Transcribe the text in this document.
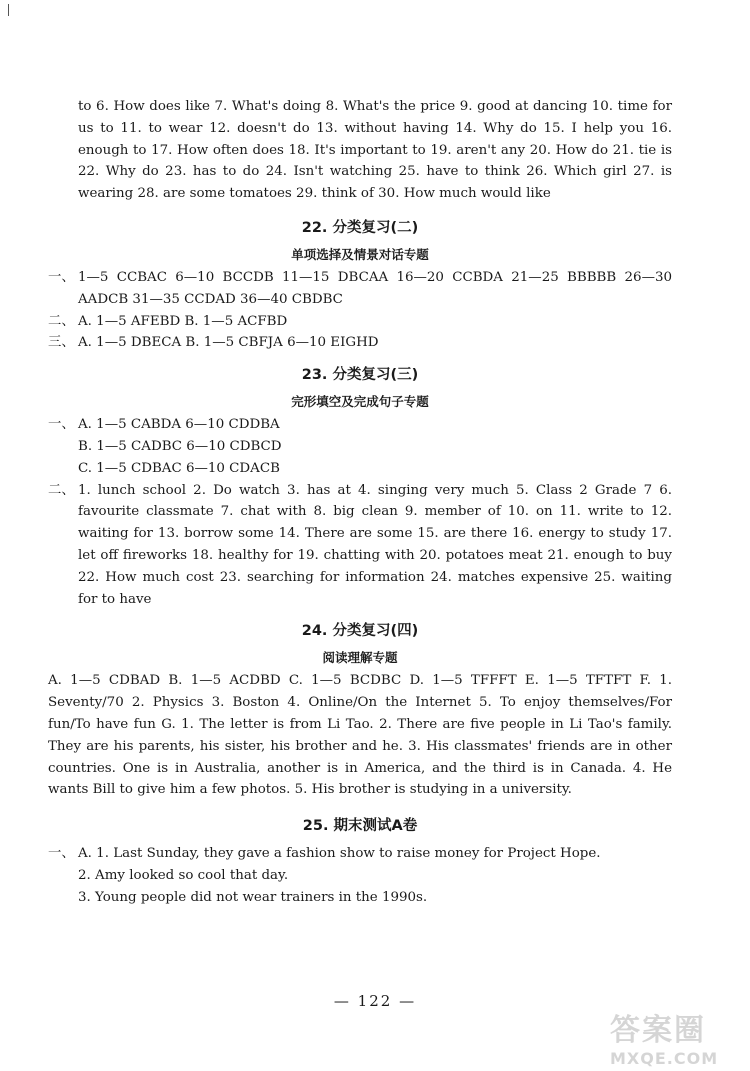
to 6. How does like 7. What's doing 8. What's the price 9. good at dancing 10. time for us to 11. to wear 12. doesn't do 13. without having 14. Why do 15. I help you 16. enough to 17. How often does 18. It's important to 19. aren't any 20. How do 21. tie is 22. Why do 23. has to do 24. Isn't watching 25. have to think 26. Which girl 27. is wearing 28. are some tomatoes 29. think of 30. How much would like

22. 分类复习(二)
单项选择及情景对话专题
一、 1—5 CCBAC 6—10 BCCDB 11—15 DBCAA 16—20 CCBDA 21—25 BBBBB 26—30 AADCB 31—35 CCDAD 36—40 CBDBC
二、 A. 1—5 AFEBD B. 1—5 ACFBD
三、 A. 1—5 DBECA B. 1—5 CBFJA 6—10 EIGHD
23. 分类复习(三)
完形填空及完成句子专题
一、 A. 1—5 CABDA 6—10 CDDBA
B. 1—5 CADBC 6—10 CDBCD
C. 1—5 CDBAC 6—10 CDACB
二、 1. lunch school 2. Do watch 3. has at 4. singing very much 5. Class 2 Grade 7 6. favourite classmate 7. chat with 8. big clean 9. member of 10. on 11. write to 12. waiting for 13. borrow some 14. There are some 15. are there 16. energy to study 17. let off fireworks 18. healthy for 19. chatting with 20. potatoes meat 21. enough to buy 22. How much cost 23. searching for information 24. matches expensive 25. waiting for to have
24. 分类复习(四)
阅读理解专题

A. 1—5 CDBAD B. 1—5 ACDBD C. 1—5 BCDBC D. 1—5 TFFFT E. 1—5 TFTFT F. 1. Seventy/70 2. Physics 3. Boston 4. Online/On the Internet 5. To enjoy themselves/For fun/To have fun G. 1. The letter is from Li Tao. 2. There are five people in Li Tao's family. They are his parents, his sister, his brother and he. 3. His classmates' friends are in other countries. One is in Australia, another is in America, and the third is in Canada. 4. He wants Bill to give him a few photos. 5. His brother is studying in a university.

25. 期末测试A卷
一、 A. 1. Last Sunday, they gave a fashion show to raise money for Project Hope.
2. Amy looked so cool that day.
3. Young people did not wear trainers in the 1990s.
— 122 —
答案圈
MXQE.COM
